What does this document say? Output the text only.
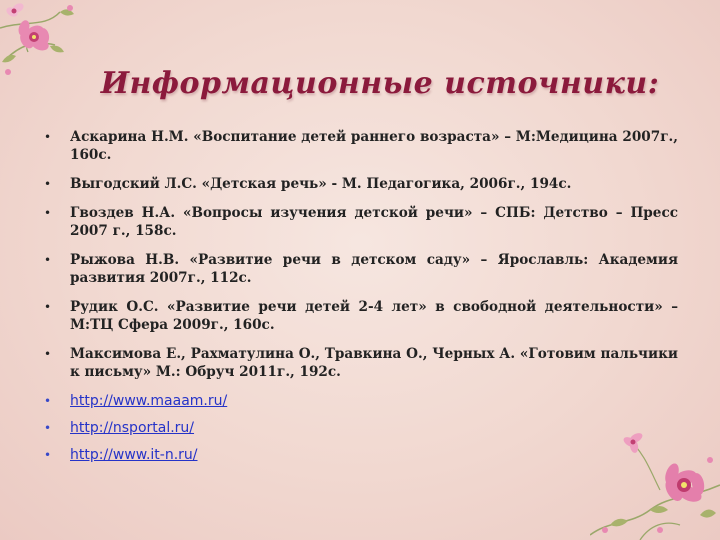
Информационные источники:
• Аскарина Н.М. «Воспитание детей раннего возраста» – М:Медицина 2007г., 160с.
• Выгодский Л.С. «Детская речь» - М. Педагогика, 2006г., 194с.
• Гвоздев Н.А. «Вопросы изучения детской речи» – СПБ: Детство – Пресс 2007 г., 158с.
• Рыжова Н.В. «Развитие речи в детском саду» – Ярославль: Академия развития 2007г., 112с.
• Рудик О.С. «Развитие речи детей 2-4 лет» в свободной деятельности» – М:ТЦ Сфера 2009г., 160с.
• Максимова Е., Рахматулина О., Травкина О., Черных А. «Готовим пальчики к письму» М.: Обруч 2011г., 192с.
• http://www.maaam.ru/
• http://nsportal.ru/
• http://www.it-n.ru/
